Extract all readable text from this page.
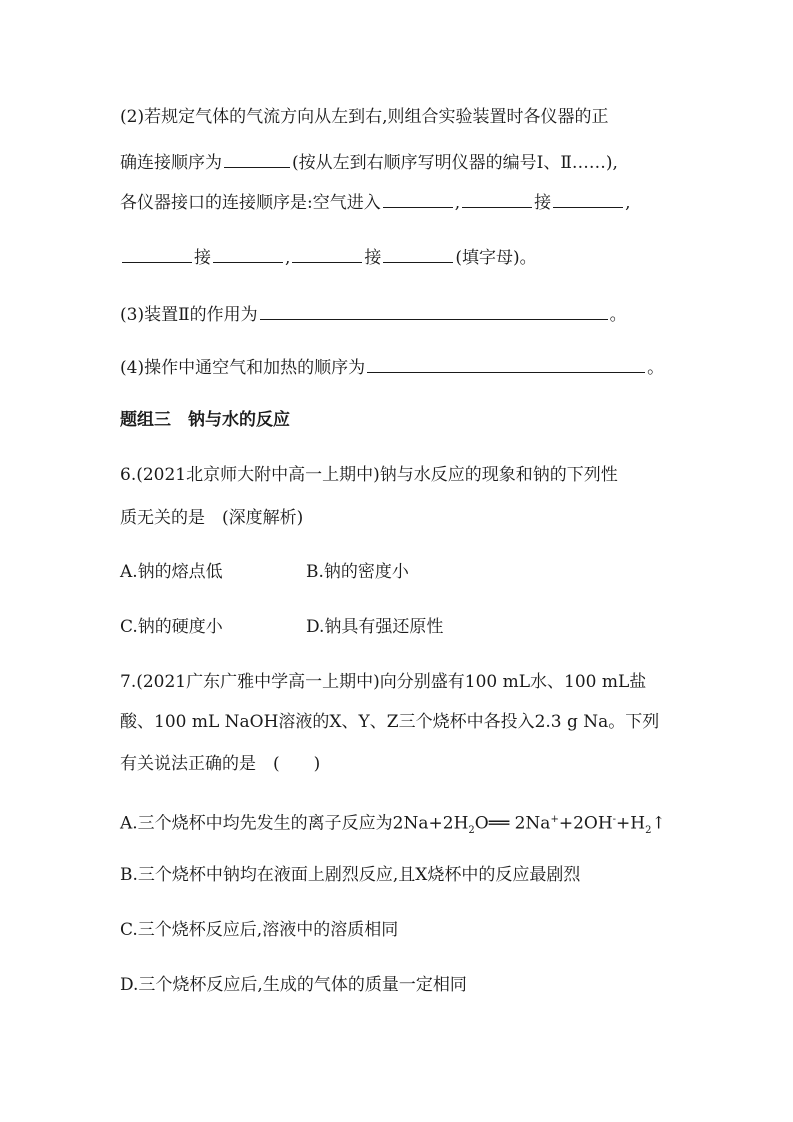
(2)若规定气体的气流方向从左到右,则组合实验装置时各仪器的正
确连接顺序为	(按从左到右顺序写明仪器的编号Ⅰ、Ⅱ……),
各仪器接口的连接顺序是:空气进入	,	接	,
接	,	接	(填字母)。
(3)装置Ⅱ的作用为	。
(4)操作中通空气和加热的顺序为	。
题组三　钠与水的反应
6.(2021北京师大附中高一上期中)钠与水反应的现象和钠的下列性
质无关的是　(深度解析)
A.钠的熔点低	B.钠的密度小
C.钠的硬度小	D.钠具有强还原性
7.(2021广东广雅中学高一上期中)向分别盛有100 mL水、100 mL盐
酸、100 mL NaOH溶液的X、Y、Z三个烧杯中各投入2.3 g Na。下列
有关说法正确的是　(　　)
A.三个烧杯中均先发生的离子反应为$2Na+2H_2O══$ $2Na^++2OH^-+H_2↑$
B.三个烧杯中钠均在液面上剧烈反应,且X烧杯中的反应最剧烈
C.三个烧杯反应后,溶液中的溶质相同
D.三个烧杯反应后,生成的气体的质量一定相同
